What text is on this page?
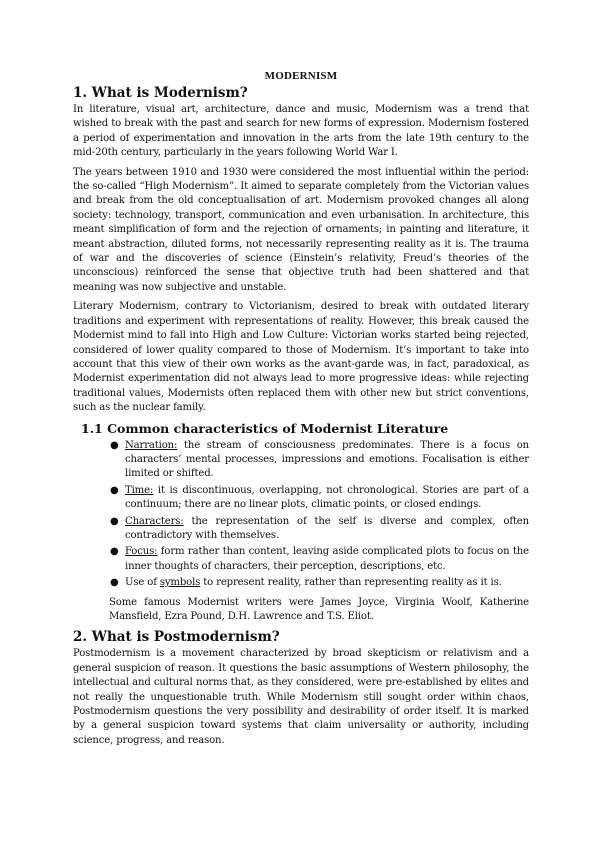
MODERNISM
1. What is Modernism?

In literature, visual art, architecture, dance and music, Modernism was a trend that wished to break with the past and search for new forms of expression. Modernism fostered a period of experimentation and innovation in the arts from the late 19th century to the mid-20th century, particularly in the years following World War I.

The years between 1910 and 1930 were considered the most influential within the period: the so-called “High Modernism”. It aimed to separate completely from the Victorian values and break from the old conceptualisation of art. Modernism provoked changes all along society: technology, transport, communication and even urbanisation. In architecture, this meant simplification of form and the rejection of ornaments; in painting and literature, it meant abstraction, diluted forms, not necessarily representing reality as it is. The trauma of war and the discoveries of science (Einstein’s relativity, Freud’s theories of the unconscious) reinforced the sense that objective truth had been shattered and that meaning was now subjective and unstable.

Literary Modernism, contrary to Victorianism, desired to break with outdated literary traditions and experiment with representations of reality. However, this break caused the Modernist mind to fall into High and Low Culture: Victorian works started being rejected, considered of lower quality compared to those of Modernism. It’s important to take into account that this view of their own works as the avant-garde was, in fact, paradoxical, as Modernist experimentation did not always lead to more progressive ideas: while rejecting traditional values, Modernists often replaced them with other new but strict conventions, such as the nuclear family.

1.1 Common characteristics of Modernist Literature
● Narration: the stream of consciousness predominates. There is a focus on characters’ mental processes, impressions and emotions. Focalisation is either limited or shifted.
● Time: it is discontinuous, overlapping, not chronological. Stories are part of a continuum; there are no linear plots, climatic points, or closed endings.
● Characters: the representation of the self is diverse and complex, often contradictory with themselves.
● Focus: form rather than content, leaving aside complicated plots to focus on the inner thoughts of characters, their perception, descriptions, etc.
● Use of symbols to represent reality, rather than representing reality as it is.

Some famous Modernist writers were James Joyce, Virginia Woolf, Katherine Mansfield, Ezra Pound, D.H. Lawrence and T.S. Eliot.

2. What is Postmodernism?

Postmodernism is a movement characterized by broad skepticism or relativism and a general suspicion of reason. It questions the basic assumptions of Western philosophy, the intellectual and cultural norms that, as they considered, were pre-established by elites and not really the unquestionable truth. While Modernism still sought order within chaos, Postmodernism questions the very possibility and desirability of order itself. It is marked by a general suspicion toward systems that claim universality or authority, including science, progress, and reason.
